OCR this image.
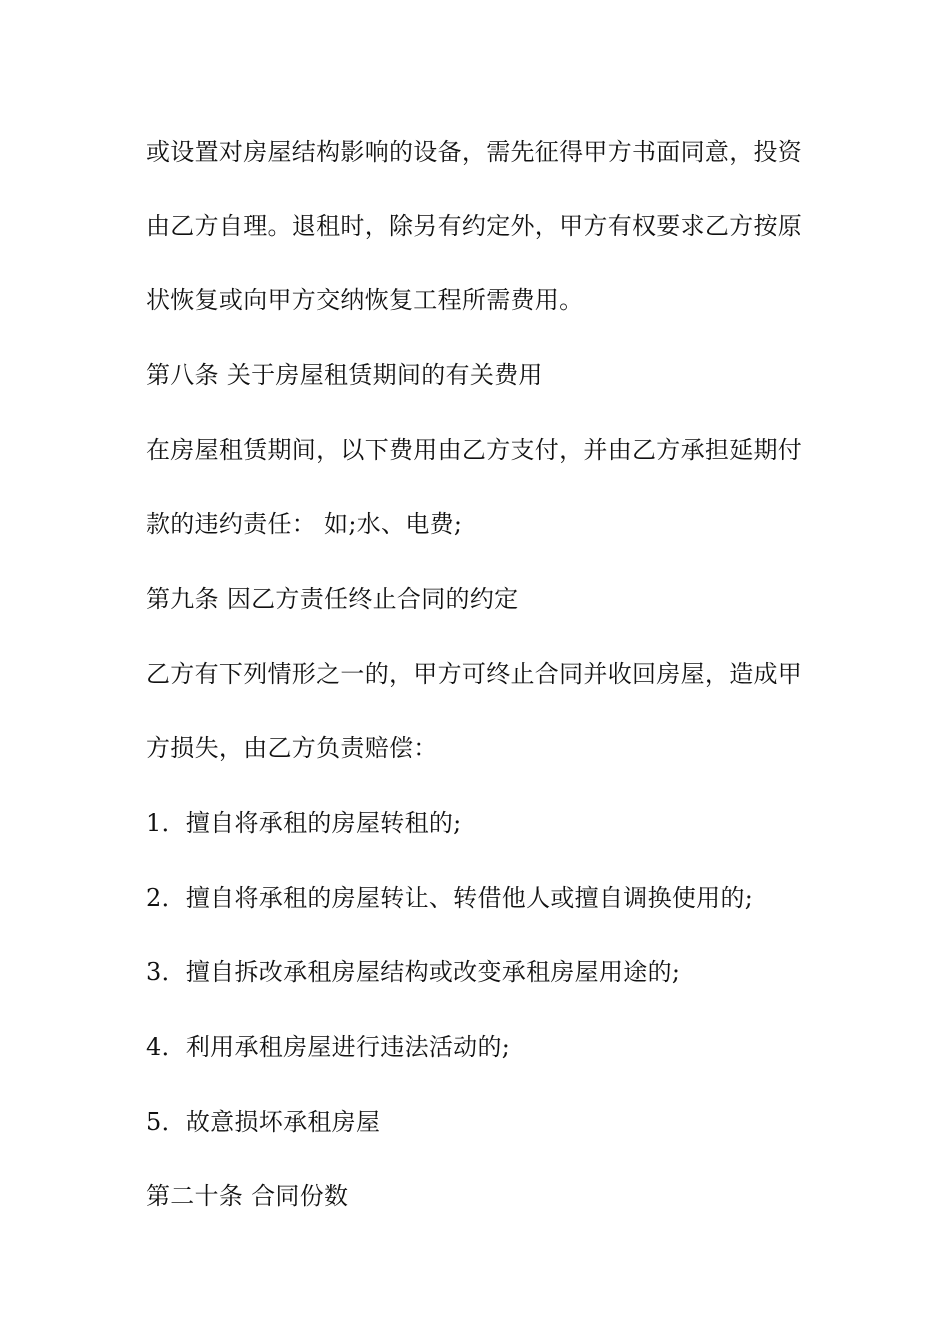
或设置对房屋结构影响的设备，需先征得甲方书面同意，投资
由乙方自理。退租时，除另有约定外，甲方有权要求乙方按原
状恢复或向甲方交纳恢复工程所需费用。
第八条 关于房屋租赁期间的有关费用
在房屋租赁期间，以下费用由乙方支付，并由乙方承担延期付
款的违约责任： 如;水、电费;
第九条 因乙方责任终止合同的约定
乙方有下列情形之一的，甲方可终止合同并收回房屋，造成甲
方损失，由乙方负责赔偿：
1．擅自将承租的房屋转租的;
2．擅自将承租的房屋转让、转借他人或擅自调换使用的;
3．擅自拆改承租房屋结构或改变承租房屋用途的;
4．利用承租房屋进行违法活动的;
5．故意损坏承租房屋
第二十条 合同份数
